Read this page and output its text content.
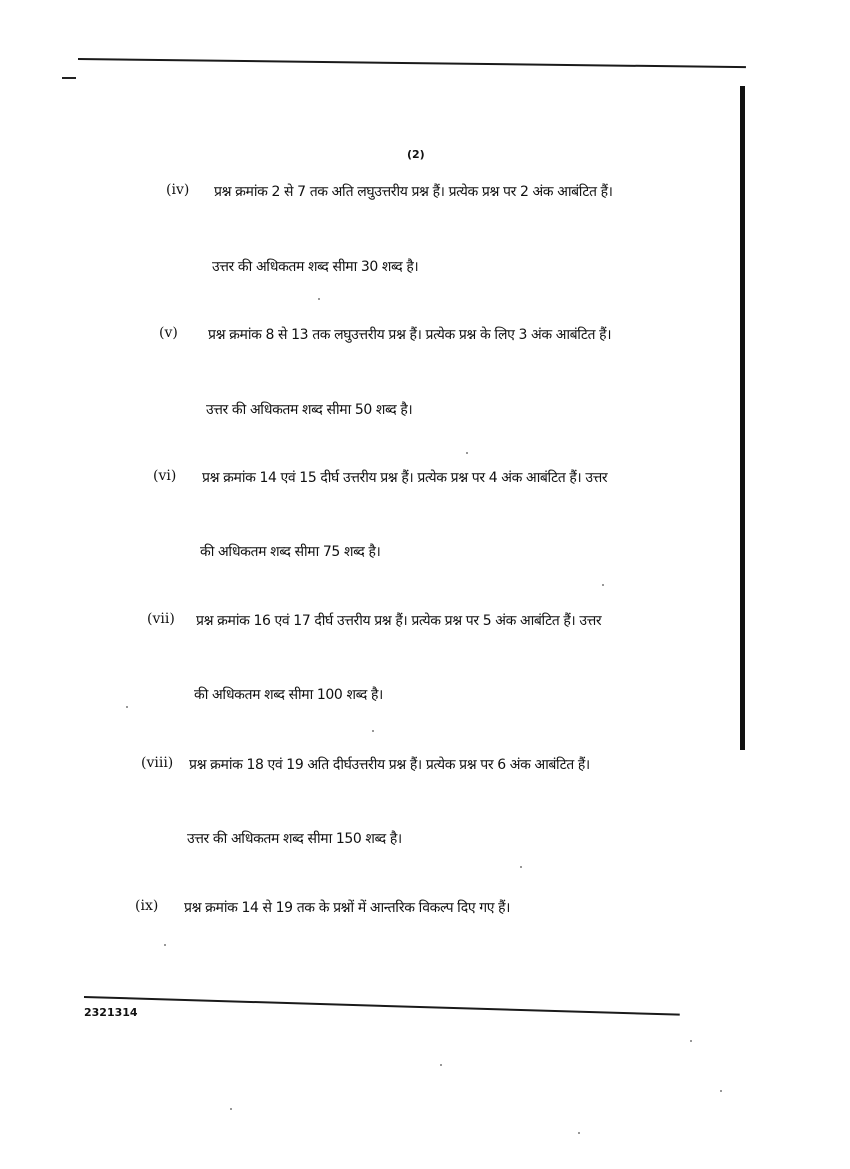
(2)
(iv) प्रश्न क्रमांक 2 से 7 तक अति लघुउत्तरीय प्रश्न हैं। प्रत्येक प्रश्न पर 2 अंक आबंटित हैं।
उत्तर की अधिकतम शब्द सीमा 30 शब्द है।
(v) प्रश्न क्रमांक 8 से 13 तक लघुउत्तरीय प्रश्न हैं। प्रत्येक प्रश्न के लिए 3 अंक आबंटित हैं।
उत्तर की अधिकतम शब्द सीमा 50 शब्द है।
(vi) प्रश्न क्रमांक 14 एवं 15 दीर्घ उत्तरीय प्रश्न हैं। प्रत्येक प्रश्न पर 4 अंक आबंटित हैं। उत्तर
की अधिकतम शब्द सीमा 75 शब्द है।
(vii) प्रश्न क्रमांक 16 एवं 17 दीर्घ उत्तरीय प्रश्न हैं। प्रत्येक प्रश्न पर 5 अंक आबंटित हैं। उत्तर
की अधिकतम शब्द सीमा 100 शब्द है।
(viii) प्रश्न क्रमांक 18 एवं 19 अति दीर्घउत्तरीय प्रश्न हैं। प्रत्येक प्रश्न पर 6 अंक आबंटित हैं।
उत्तर की अधिकतम शब्द सीमा 150 शब्द है।
(ix) प्रश्न क्रमांक 14 से 19 तक के प्रश्नों में आन्तरिक विकल्प दिए गए हैं।
2321314
